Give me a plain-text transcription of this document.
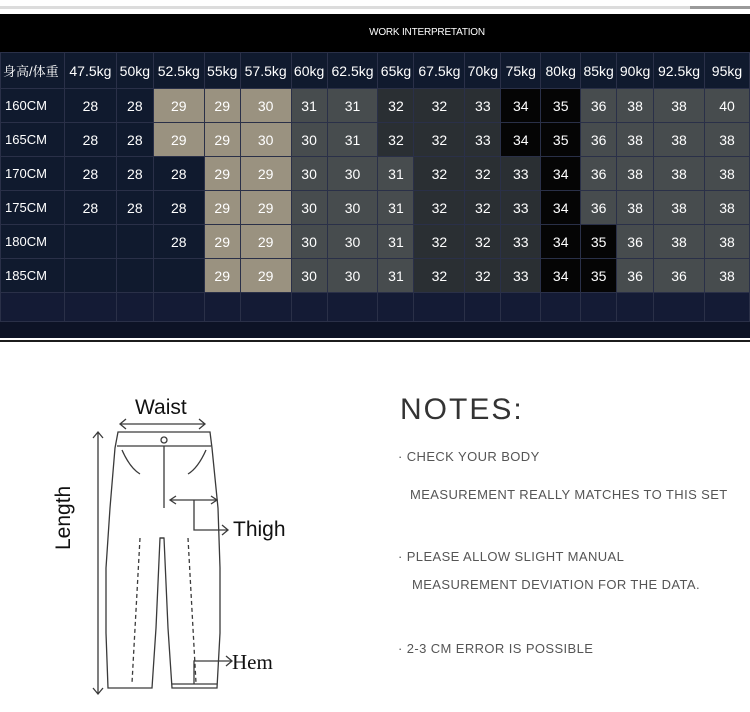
WORK INTERPRETATION
身高/体重	47.5kg	50kg	52.5kg	55kg	57.5kg	60kg	62.5kg	65kg	67.5kg	70kg	75kg	80kg	85kg	90kg	92.5kg	95kg
160CM	28	28	29	29	30	31	31	32	32	33	34	35	36	38	38	40
165CM	28	28	29	29	30	30	31	32	32	33	34	35	36	38	38	38
170CM	28	28	28	29	29	30	30	31	32	32	33	34	36	38	38	38
175CM	28	28	28	29	29	30	30	31	32	32	33	34	36	38	38	38
180CM			28	29	29	30	30	31	32	32	33	34	35	36	38	38
185CM				29	29	30	30	31	32	32	33	34	35	36	36	38

Waist
Thigh
Hem
Length
NOTES:
· CHECK YOUR BODY
MEASUREMENT REALLY MATCHES TO THIS SET
· PLEASE ALLOW SLIGHT MANUAL
MEASUREMENT DEVIATION FOR THE DATA.
· 2-3 CM ERROR IS POSSIBLE
